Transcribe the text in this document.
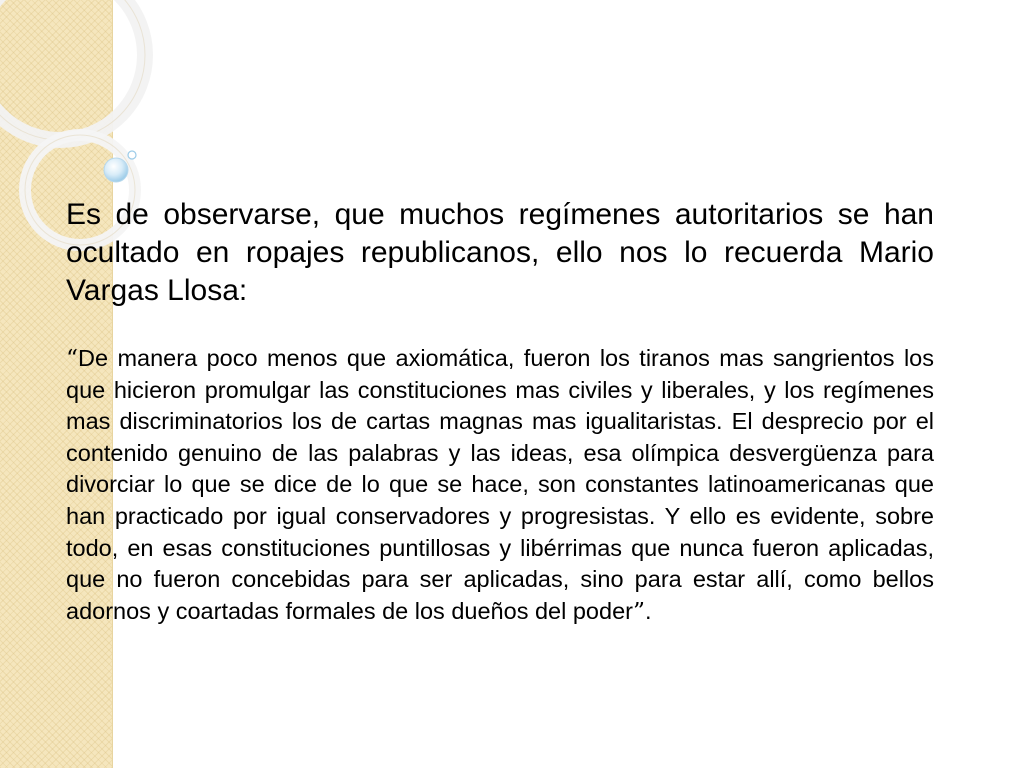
Es de observarse, que muchos regímenes autoritarios se han ocultado en ropajes republicanos, ello nos lo recuerda Mario Vargas Llosa:

“De manera poco menos que axiomática, fueron los tiranos mas sangrientos los que hicieron promulgar las constituciones mas civiles y liberales, y los regímenes mas discriminatorios los de cartas magnas mas igualitaristas. El desprecio por el contenido genuino de las palabras y las ideas, esa olímpica desvergüenza para divorciar lo que se dice de lo que se hace, son constantes latinoamericanas que han practicado por igual conservadores y progresistas. Y ello es evidente, sobre todo, en esas constituciones puntillosas y libérrimas que nunca fueron aplicadas, que no fueron concebidas para ser aplicadas, sino para estar allí, como bellos adornos y coartadas formales de los dueños del poder”.
